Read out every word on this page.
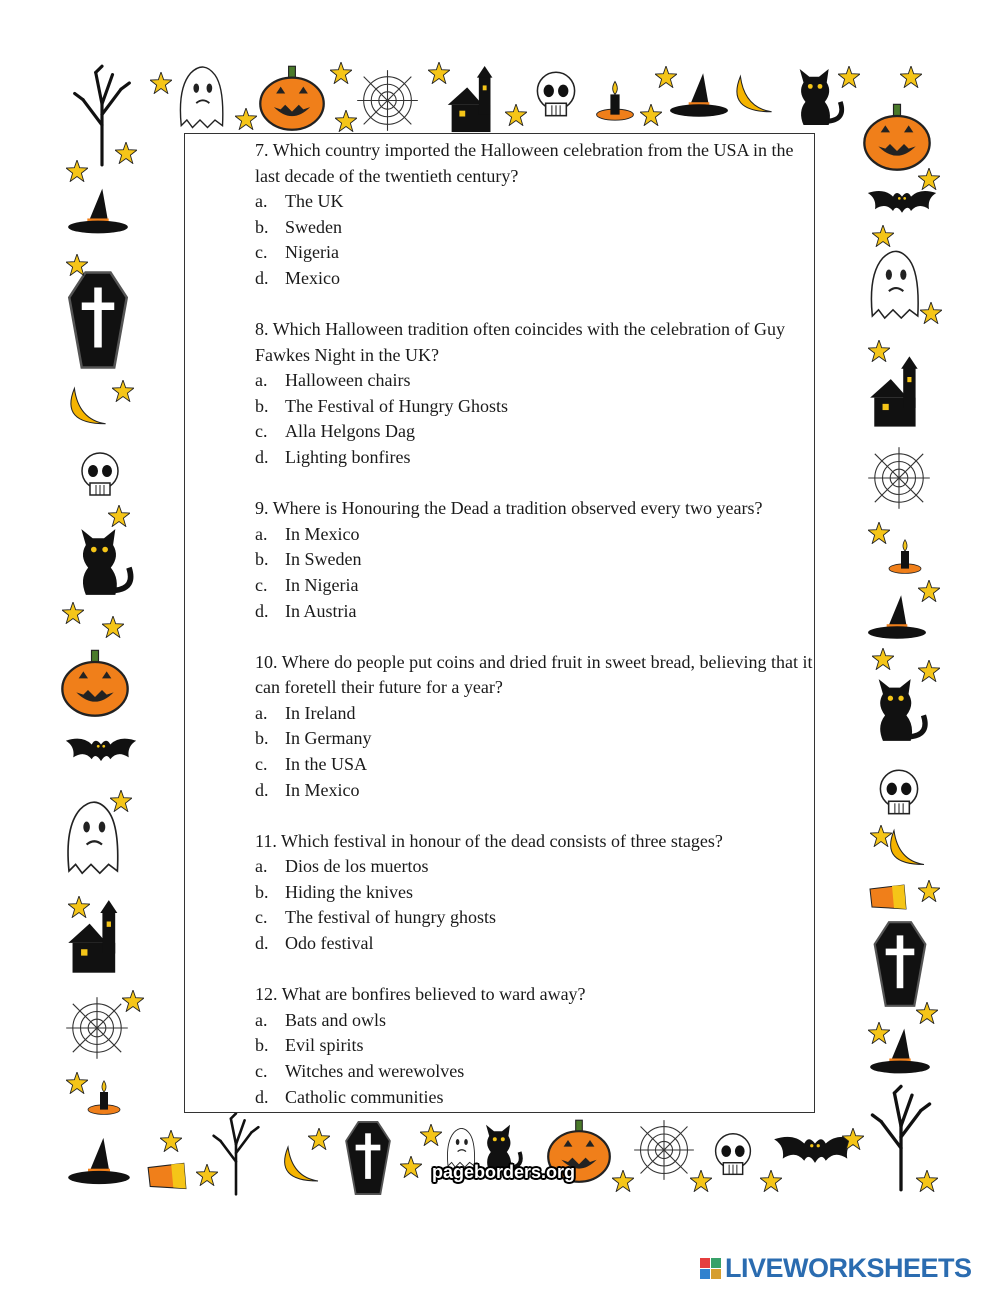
pageborders.org
7. Which country imported the Halloween celebration from the USA in the last decade of the twentieth century?
a. The UK
b. Sweden
c. Nigeria
d. Mexico
8. Which Halloween tradition often coincides with the celebration of Guy Fawkes Night in the UK?
a. Halloween chairs
b. The Festival of Hungry Ghosts
c. Alla Helgons Dag
d. Lighting bonfires
9. Where is Honouring the Dead a tradition observed every two years?
a. In Mexico
b. In Sweden
c. In Nigeria
d. In Austria
10. Where do people put coins and dried fruit in sweet bread, believing that it can foretell their future for a year?
a. In Ireland
b. In Germany
c. In the USA
d. In Mexico
11. Which festival in honour of the dead consists of three stages?
a. Dios de los muertos
b. Hiding the knives
c. The festival of hungry ghosts
d. Odo festival
12. What are bonfires believed to ward away?
a. Bats and owls
b. Evil spirits
c. Witches and werewolves
d. Catholic communities
LIVEWORKSHEETS
